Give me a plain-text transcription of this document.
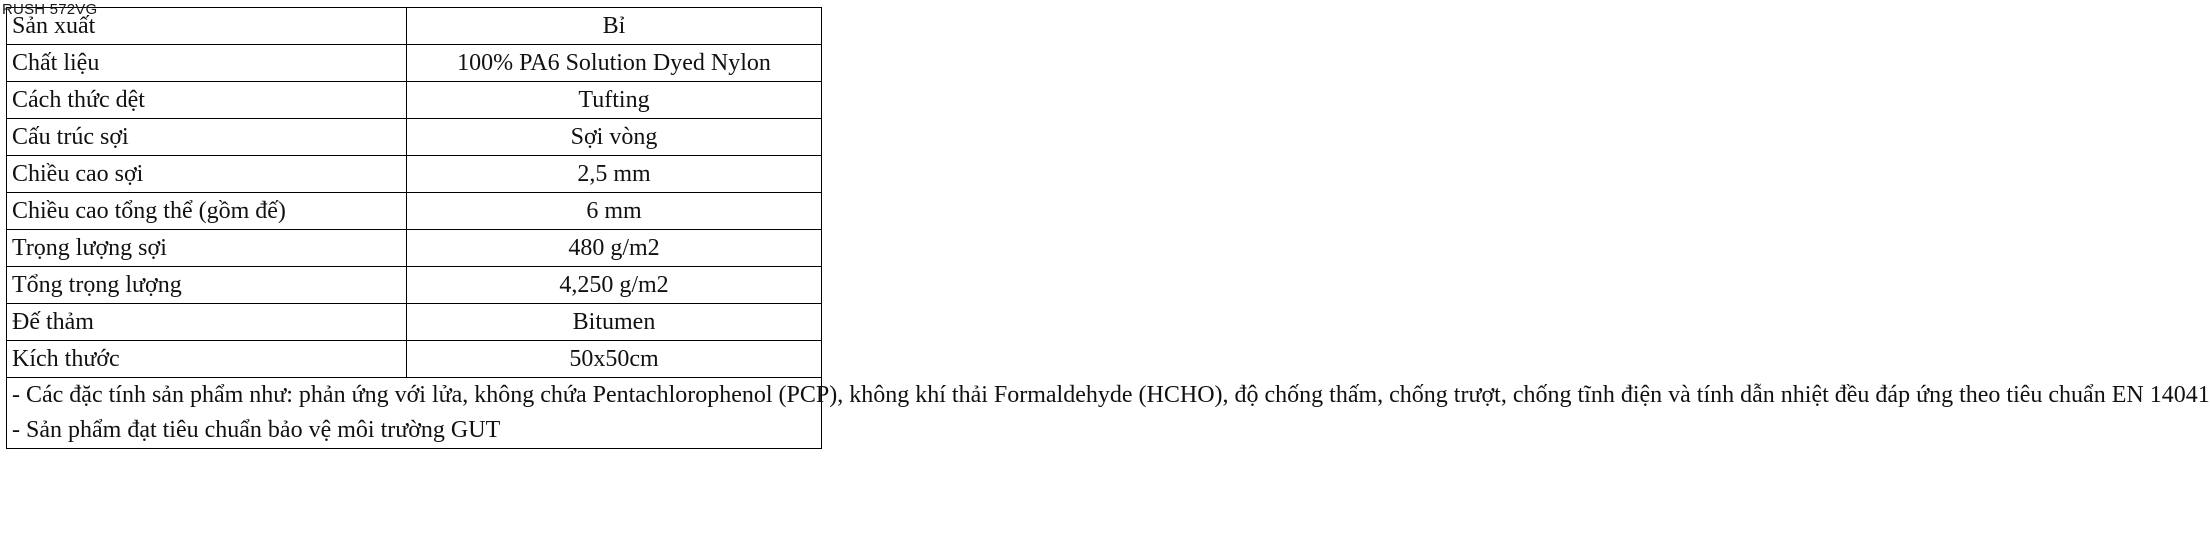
RUSH 572VG
Sản xuất	Bỉ
Chất liệu	100% PA6 Solution Dyed Nylon
Cách thức dệt	Tufting
Cấu trúc sợi	Sợi vòng
Chiều cao sợi	2,5 mm
Chiều cao tổng thể (gồm đế)	6 mm
Trọng lượng sợi	480 g/m2
Tổng trọng lượng	4,250 g/m2
Đế thảm	Bitumen
Kích thước	50x50cm

- Các đặc tính sản phẩm như: phản ứng với lửa, không chứa Pentachlorophenol (PCP), không khí thải Formaldehyde (HCHO), độ chống thấm, chống trượt, chống tĩnh điện và tính dẫn nhiệt đều đáp ứng theo tiêu chuẩn EN 14041
- Sản phẩm đạt tiêu chuẩn bảo vệ môi trường GUT	
